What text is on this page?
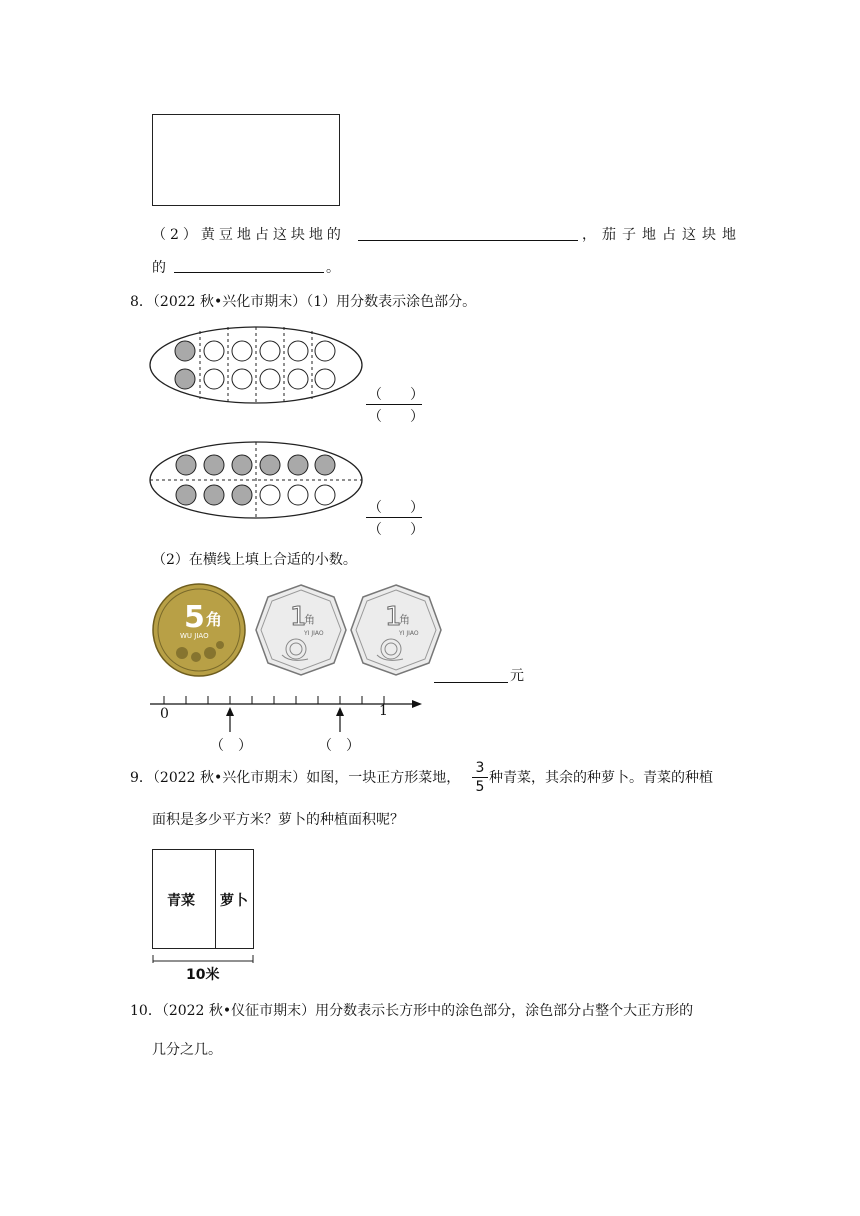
（2）黄豆地占这块地的	，茄子地占这块地
的	。
8．（2022 秋•兴化市期末）（1）用分数表示涂色部分。
（　　 ）
（　　 ）
（　　 ）
（　　 ）
（2）在横线上填上合适的小数。
5 角
WU JIAO
1
角
YI JIAO
1
角
YI JIAO
元
0	1
（　）	（　）
9．（2022 秋•兴化市期末）如图，一块正方形菜地，
3
5
种青菜，其余的种萝卜。青菜的种植
面积是多少平方米？萝卜的种植面积呢？
青菜 萝卜
10米
10．（2022 秋•仪征市期末）用分数表示长方形中的涂色部分，涂色部分占整个大正方形的
几分之几。
